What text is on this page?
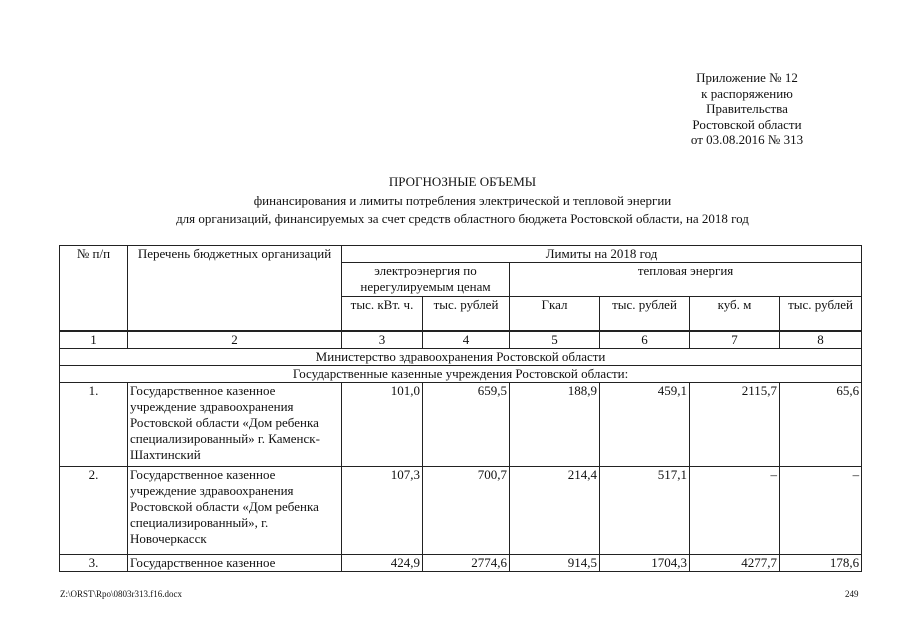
Приложение № 12
к распоряжению
Правительства
Ростовской области
от 03.08.2016 № 313
ПРОГНОЗНЫЕ ОБЪЕМЫ
финансирования и лимиты потребления электрической и тепловой энергии
для организаций, финансируемых за счет средств областного бюджета Ростовской области, на 2018 год
№ п/п	Перечень бюджетных организаций	Лимиты на 2018 год					
		электроэнергия по нерегулируемым ценам		тепловая энергия			
		тыс. кВт. ч.	тыс. рублей	Гкал	тыс. рублей	куб. м	тыс. рублей
1	2	3	4	5	6	7	8
Министерство здравоохранения Ростовской области							
Государственные казенные учреждения Ростовской области:							
1.	Государственное казенное учреждение здравоохранения Ростовской области «Дом ребенка специализированный» г. Каменск-Шахтинский	101,0	659,5	188,9	459,1	2115,7	65,6
2.	Государственное казенное учреждение здравоохранения Ростовской области «Дом ребенка специализированный», г. Новочеркасск	107,3	700,7	214,4	517,1	–	–
3.	Государственное казенное	424,9	2774,6	914,5	1704,3	4277,7	178,6
Z:\ORST\Rpo\0803r313.f16.docx	249
